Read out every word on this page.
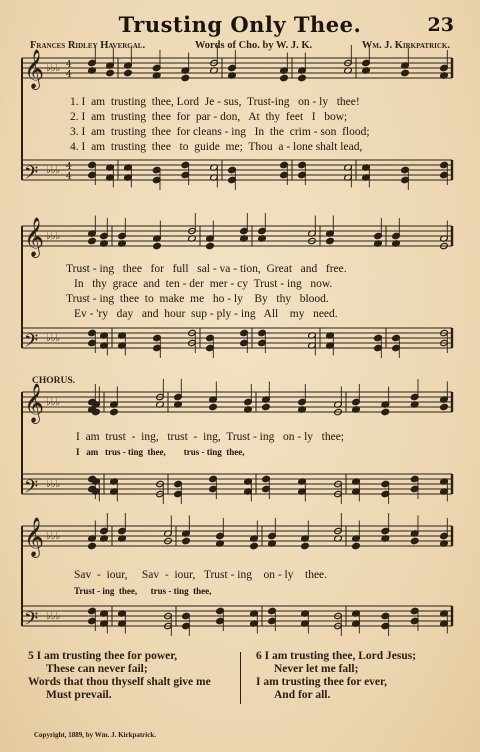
Trusting Only Thee.	23
Frances Ridley Havergal.	Words of Cho. by W. J. K.	Wm. J. Kirkpatrick.
𝄞 ♭♭♭ 4
4
𝄢 ♭♭♭ 4
4
𝄞 ♭♭♭
𝄢 ♭♭♭
𝄞 ♭♭♭
𝄢 ♭♭♭
𝄞 ♭♭♭
𝄢 ♭♭♭
1. I  am  trusting  thee, Lord  Je - sus,  Trust-ing   on - ly   thee!
2. I  am  trusting  thee  for  par - don,   At  thy  feet   I   bow;
3. I  am  trusting  thee  for cleans - ing   In  the  crim - son  flood;
4. I  am  trusting  thee   to  guide  me;  Thou  a - lone shalt lead,
Trust - ing   thee   for   full   sal - va - tion,  Great   and   free.
In   thy  grace  and  ten - der  mer - cy  Trust - ing   now.
Trust - ing  thee  to  make  me   ho - ly    By   thy   blood.
Ev - 'ry   day   and  hour  sup - ply - ing   All    my   need.
CHORUS.
I  am  trust  -  ing,   trust  -  ing,  Trust - ing   on - ly   thee;
I   am   trus - ting  thee,        trus - ting  thee,
Sav  -  iour,     Sav  -  iour,   Trust - ing    on - ly    thee.
Trust - ing  thee,      trus - ting  thee,
5 I am trusting thee for power,
These can never fail;
Words that thou thyself shalt give me
Must prevail.
6 I am trusting thee, Lord Jesus;
Never let me fall;
I am trusting thee for ever,
And for all.
Copyright, 1889, by Wm. J. Kirkpatrick.
